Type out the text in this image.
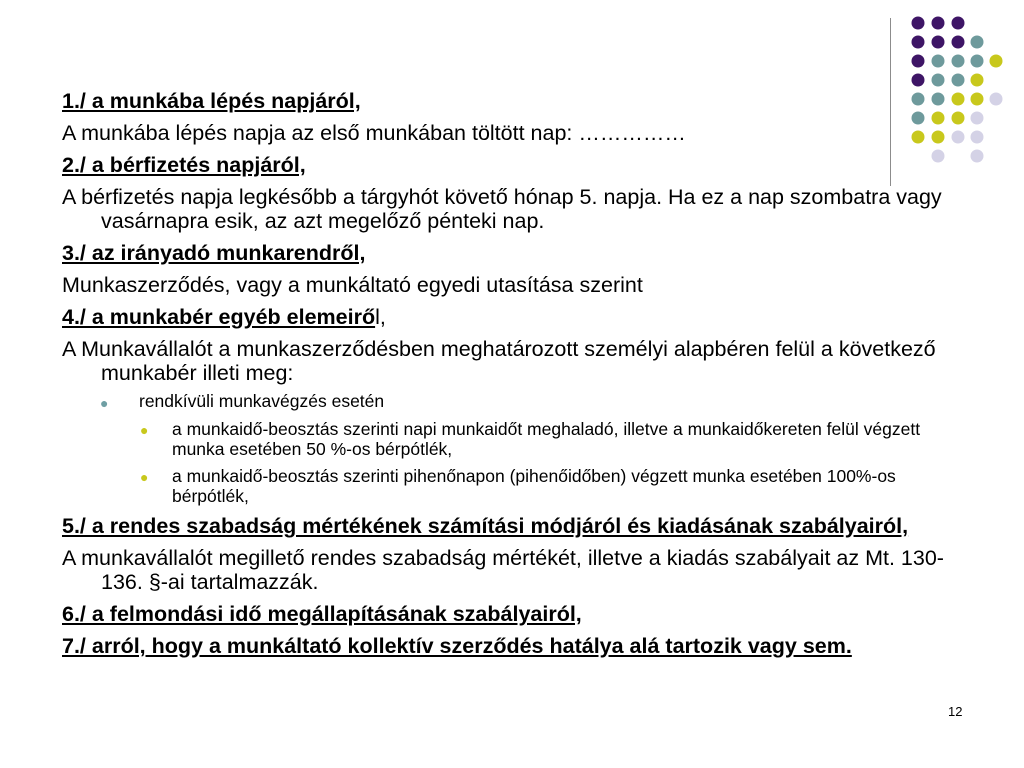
1./ a munkába lépés napjáról,

A munkába lépés napja az első munkában töltött nap: ……………

2./ a bérfizetés napjáról,

A bérfizetés napja legkésőbb a tárgyhót követő hónap 5. napja. Ha ez a nap szombatra vagy vasárnapra esik, az azt megelőző pénteki nap.

3./ az irányadó munkarendről,

Munkaszerződés, vagy a munkáltató egyedi utasítása szerint

4./ a munkabér egyéb elemeiről,

A Munkavállalót a munkaszerződésben meghatározott személyi alapbéren felül a következő munkabér illeti meg:

● rendkívüli munkavégzés esetén
● a munkaidő-beosztás szerinti napi munkaidőt meghaladó, illetve a munkaidőkereten felül végzett munka esetében 50 %-os bérpótlék,
● a munkaidő-beosztás szerinti pihenőnapon (pihenőidőben) végzett munka esetében 100%-os bérpótlék,

5./ a rendes szabadság mértékének számítási módjáról és kiadásának szabályairól,

A munkavállalót megillető rendes szabadság mértékét, illetve a kiadás szabályait az Mt. 130-136. §-ai tartalmazzák.

6./ a felmondási idő megállapításának szabályairól,

7./ arról, hogy a munkáltató kollektív szerződés hatálya alá tartozik vagy sem.

12
